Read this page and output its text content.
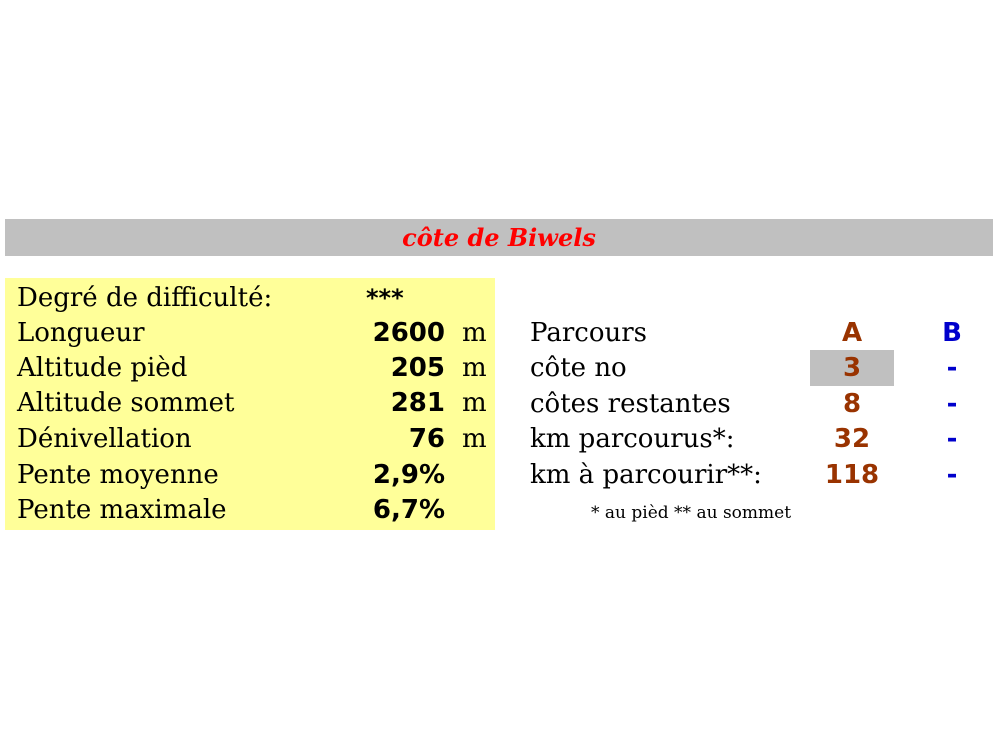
côte de Biwels
Degré de difficulté:	***
Longueur	2600 m
Altitude pièd	205 m
Altitude sommet	281 m
Dénivellation	76 m
Pente moyenne	2,9%
Pente maximale	6,7%
Parcours	A	B
côte no	3	-
côtes restantes	8	-
km parcourus*:	32	-
km à parcourir**:	118	-
* au pièd ** au sommet
